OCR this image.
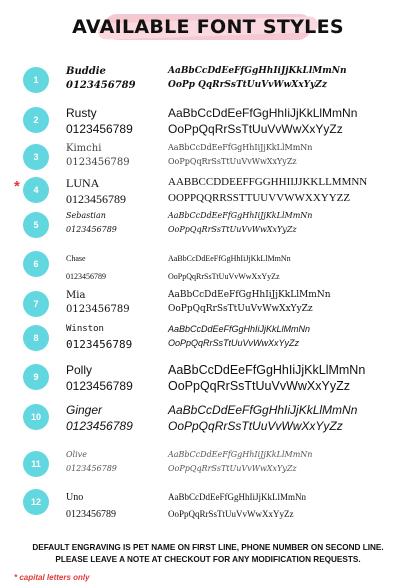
AVAILABLE FONT STYLES
1
Buddie
0123456789
AaBbCcDdEeFfGgHhIiJjKkLlMmNn
OoPp QqRrSsTtUuVvWwXxYyZz
2	Rusty
0123456789
AaBbCcDdEeFfGgHhIiJjKkLlMmNn
OoPpQqRrSsTtUuVvWwXxYyZz
3
Kimchi
0123456789
AaBbCcDdEeFfGgHhIiJjKkLlMmNn
OoPpQqRrSsTtUuVvWwXxYyZz
*	4	LUNA
0123456789
AABBCCDDEEFFGGHHIIJJKKLLMMNN
OOPPQQRRSSTTUUVVWWXXYYZZ
5
Sebastian
0123456789
AaBbCcDdEeFfGgHhIiJjKkLlMmNn
OoPpQqRrSsTtUuVvWwXxYyZz
6
Chase
0123456789
AaBbCcDdEeFfGgHhIiJjKkLlMmNn
OoPpQqRrSsTtUuVvWwXxYyZz
7
Mia
0123456789
AaBbCcDdEeFfGgHhIiJjKkLlMmNn
OoPpQqRrSsTtUuVvWwXxYyZz
8
Winston
0123456789
AaBbCcDdEeFfGgHhIiJjKkLlMmNn
OoPpQqRrSsTtUuVvWwXxYyZz
9	Polly
0123456789
AaBbCcDdEeFfGgHhIiJjKkLlMmNn
OoPpQqRrSsTtUuVvWwXxYyZz
10	Ginger
0123456789
AaBbCcDdEeFfGgHhIiJjKkLlMmNn
OoPpQqRrSsTtUuVvWwXxYyZz
11
Olive
0123456789
AaBbCcDdEeFfGgHhIiJjKkLlMmNn
OoPpQqRrSsTtUuVvWwXxYyZz
12	Uno
0123456789
AaBbCcDdEeFfGgHhIiJjKkLlMmNn
OoPpQqRrSsTtUuVvWwXxYyZz
DEFAULT ENGRAVING IS PET NAME ON FIRST LINE, PHONE NUMBER ON SECOND LINE.
PLEASE LEAVE A NOTE AT CHECKOUT FOR ANY MODIFICATION REQUESTS.
* capital letters only
